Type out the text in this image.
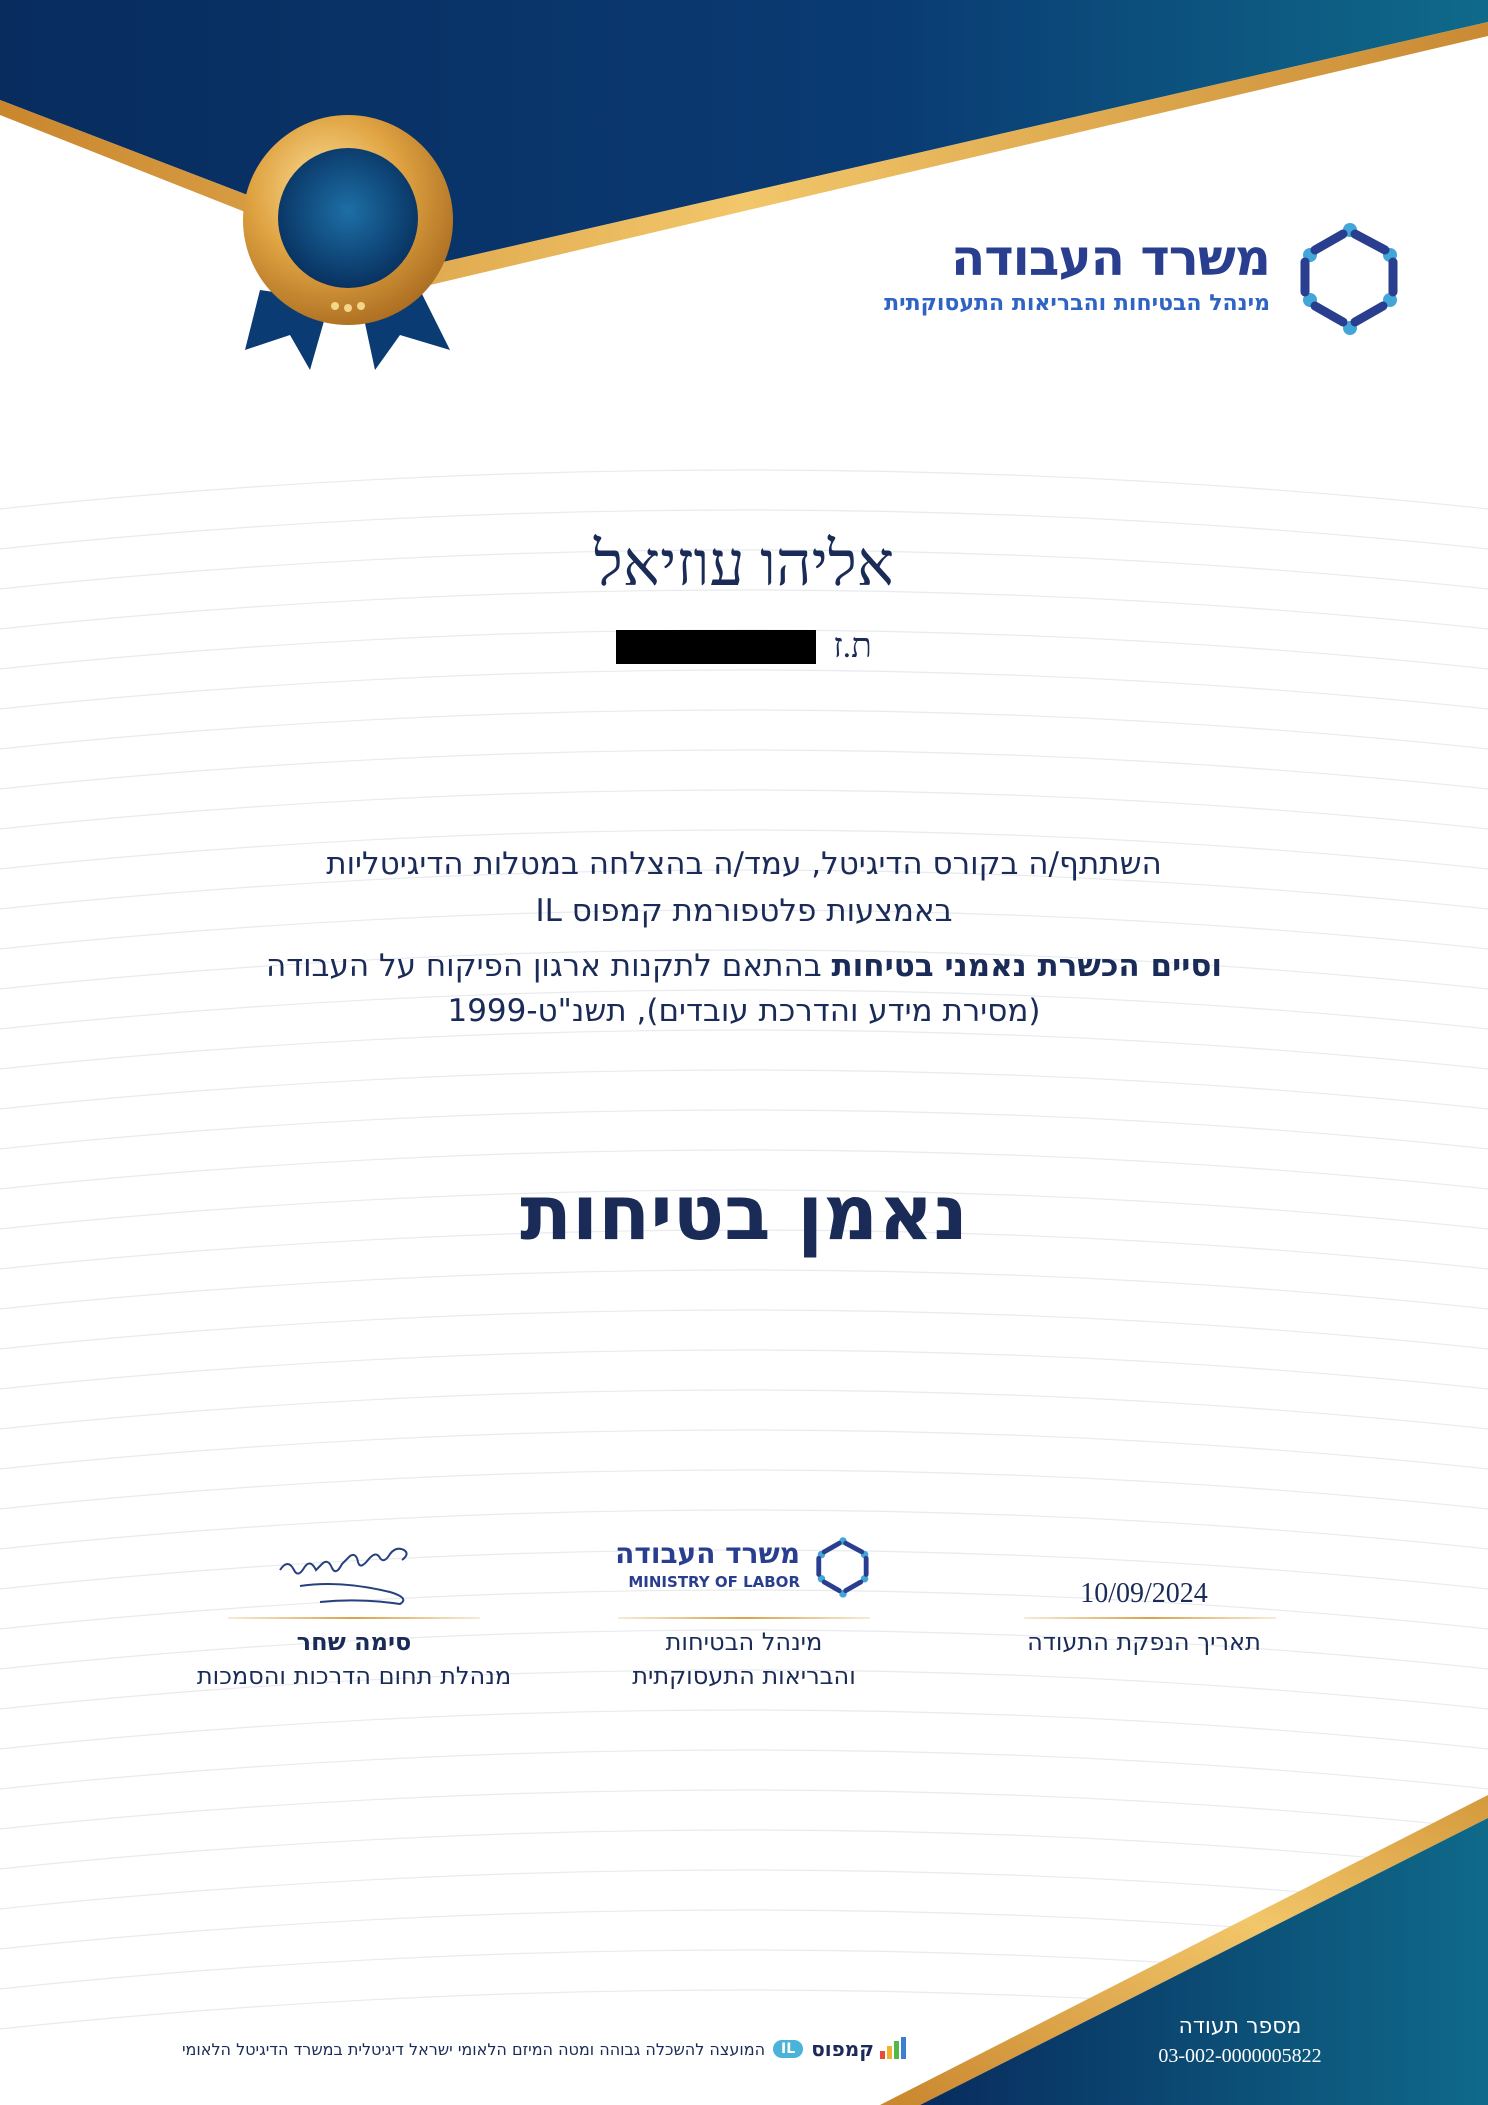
משרד העבודה
מינהל הבטיחות והבריאות התעסוקתית
אליהו עוזיאל
ת.ז
השתתף/ה בקורס הדיגיטל, עמד/ה בהצלחה במטלות הדיגיטליות
באמצעות פלטפורמת קמפוס IL
וסיים הכשרת נאמני בטיחות בהתאם לתקנות ארגון הפיקוח על העבודה
(מסירת מידע והדרכת עובדים), תשנ"ט-1999
נאמן בטיחות
סימה שחר
מנהלת תחום הדרכות והסמכות
משרד העבודה
MINISTRY OF LABOR
מינהל הבטיחות
והבריאות התעסוקתית
10/09/2024
תאריך הנפקת התעודה
מספר תעודה
03-002-0000005822
קמפוס
IL
המועצה להשכלה גבוהה ומטה המיזם הלאומי ישראל דיגיטלית במשרד הדיגיטל הלאומי
